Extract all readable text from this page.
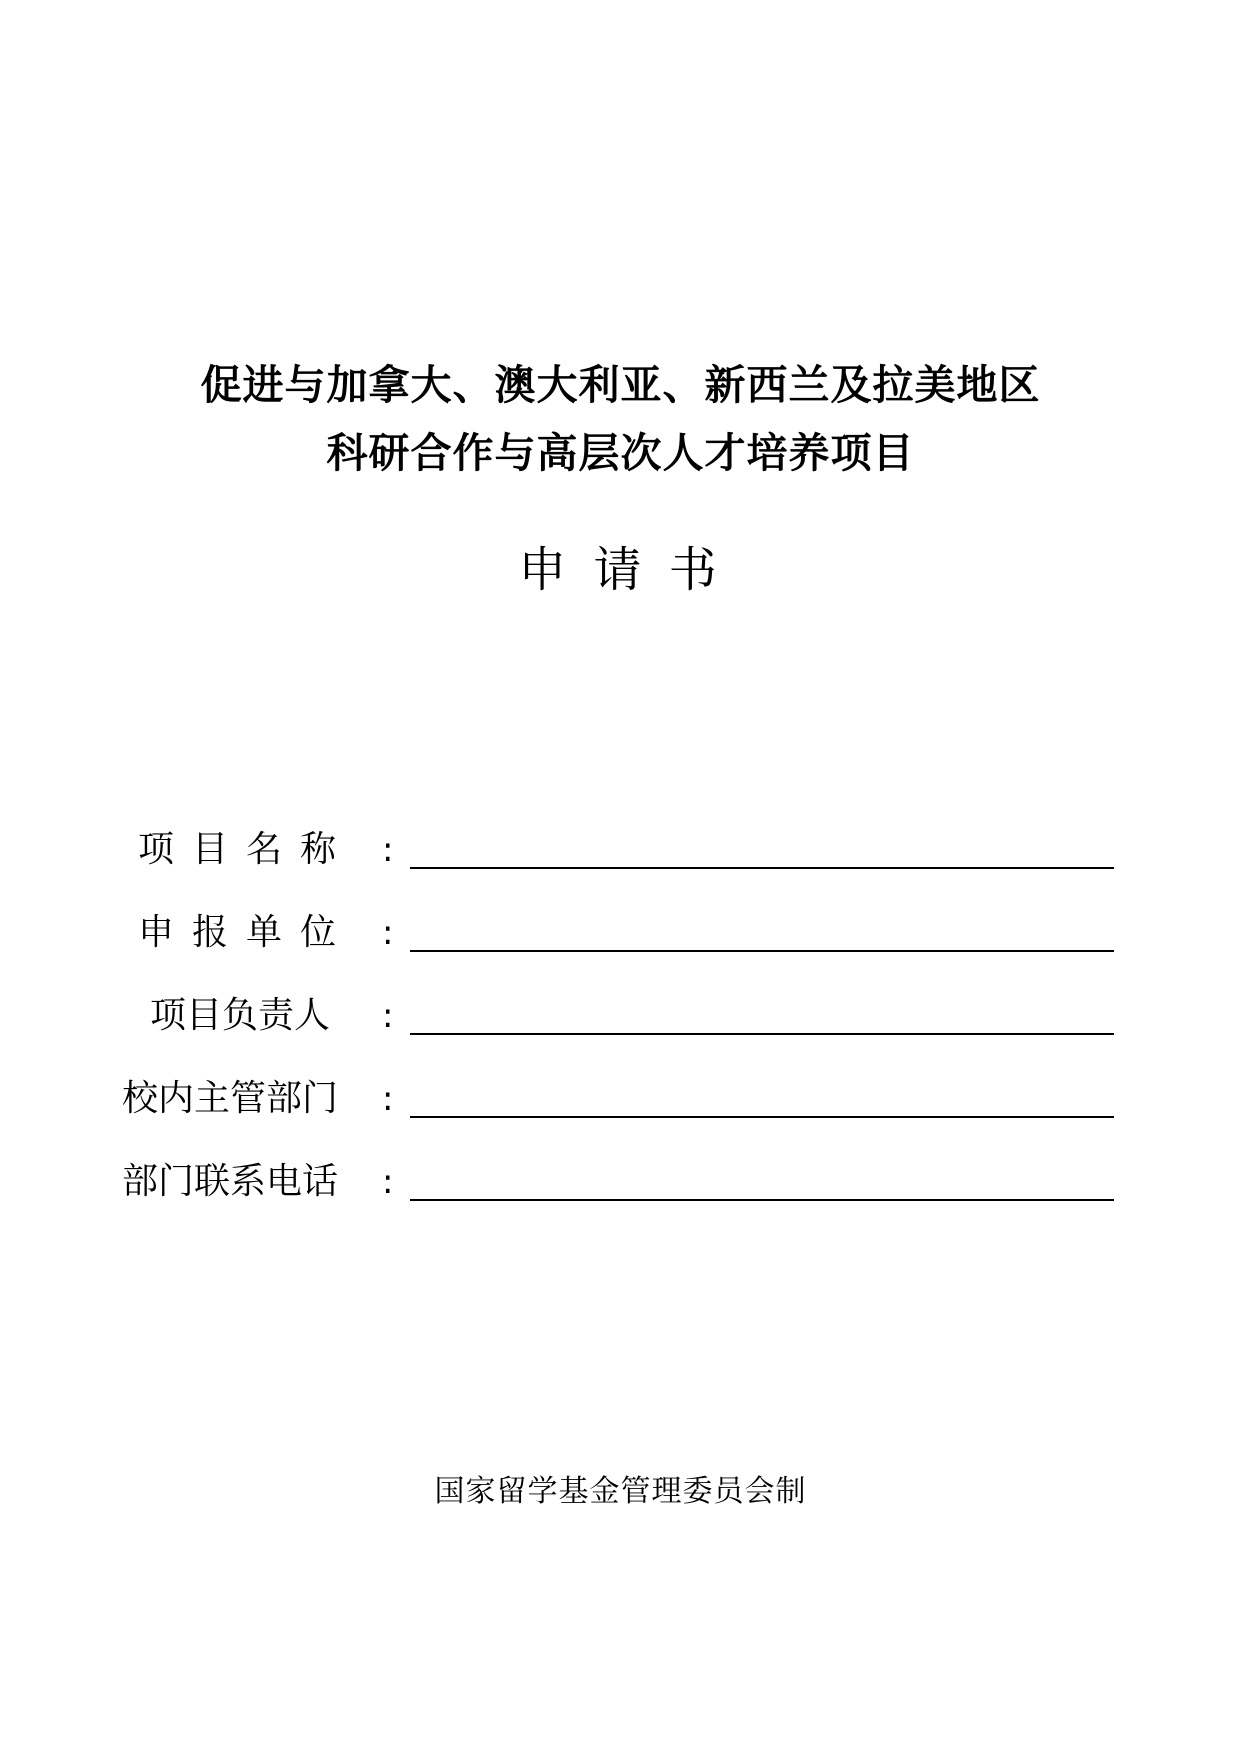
促进与加拿大、澳大利亚、新西兰及拉美地区
科研合作与高层次人才培养项目
申 请 书
项目名称 :
申报单位 :
项目负责人	:
校内主管部门	:
部门联系电话	:
国家留学基金管理委员会制
